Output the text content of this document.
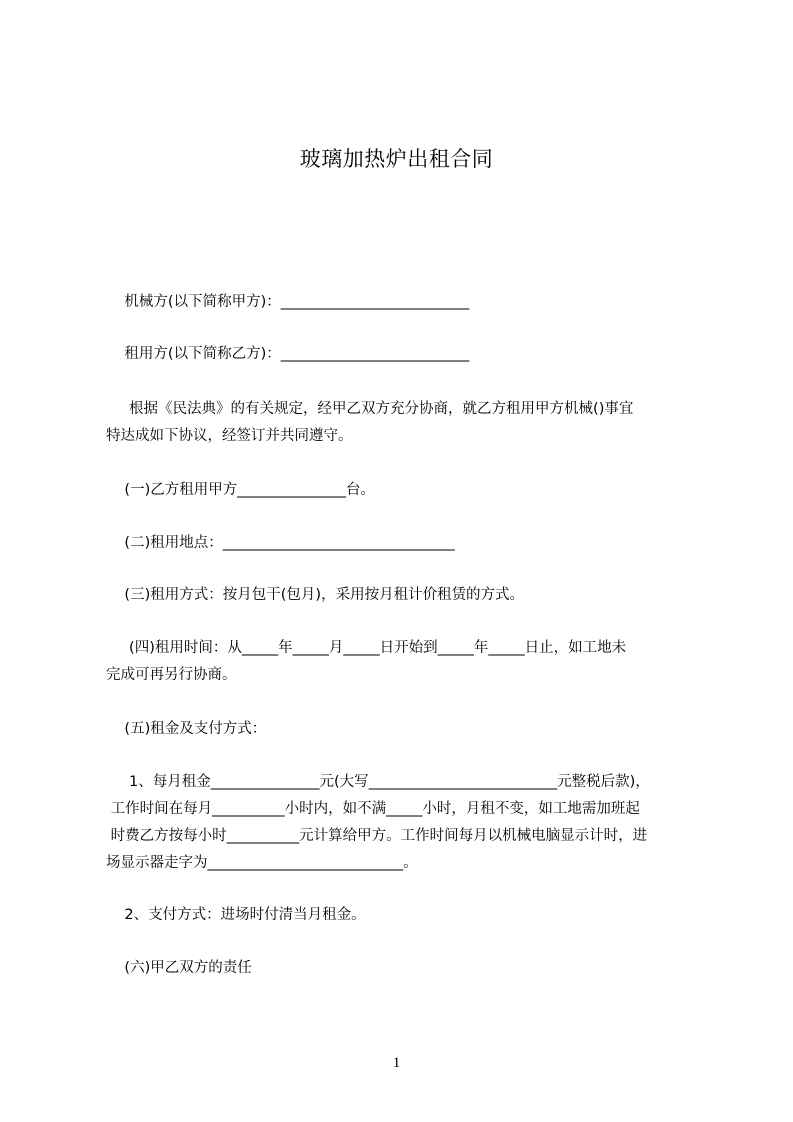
玻璃加热炉出租合同
机械方(以下简称甲方)：__________________________
租用方(以下简称乙方)：__________________________
根据《民法典》的有关规定，经甲乙双方充分协商，就乙方租用甲方机械()事宜
特达成如下协议，经签订并共同遵守。
(一)乙方租用甲方_______________台。
(二)租用地点：________________________________
(三)租用方式：按月包干(包月)，采用按月租计价租赁的方式。
(四)租用时间：从_____年_____月_____日开始到_____年_____日止，如工地未
完成可再另行协商。
(五)租金及支付方式：
1、每月租金_______________元(大写__________________________元整税后款)，
工作时间在每月__________小时内，如不满_____小时，月租不变，如工地需加班起
时费乙方按每小时__________元计算给甲方。工作时间每月以机械电脑显示计时，进
场显示器走字为___________________________。
2、支付方式：进场时付清当月租金。
(六)甲乙双方的责任
1
